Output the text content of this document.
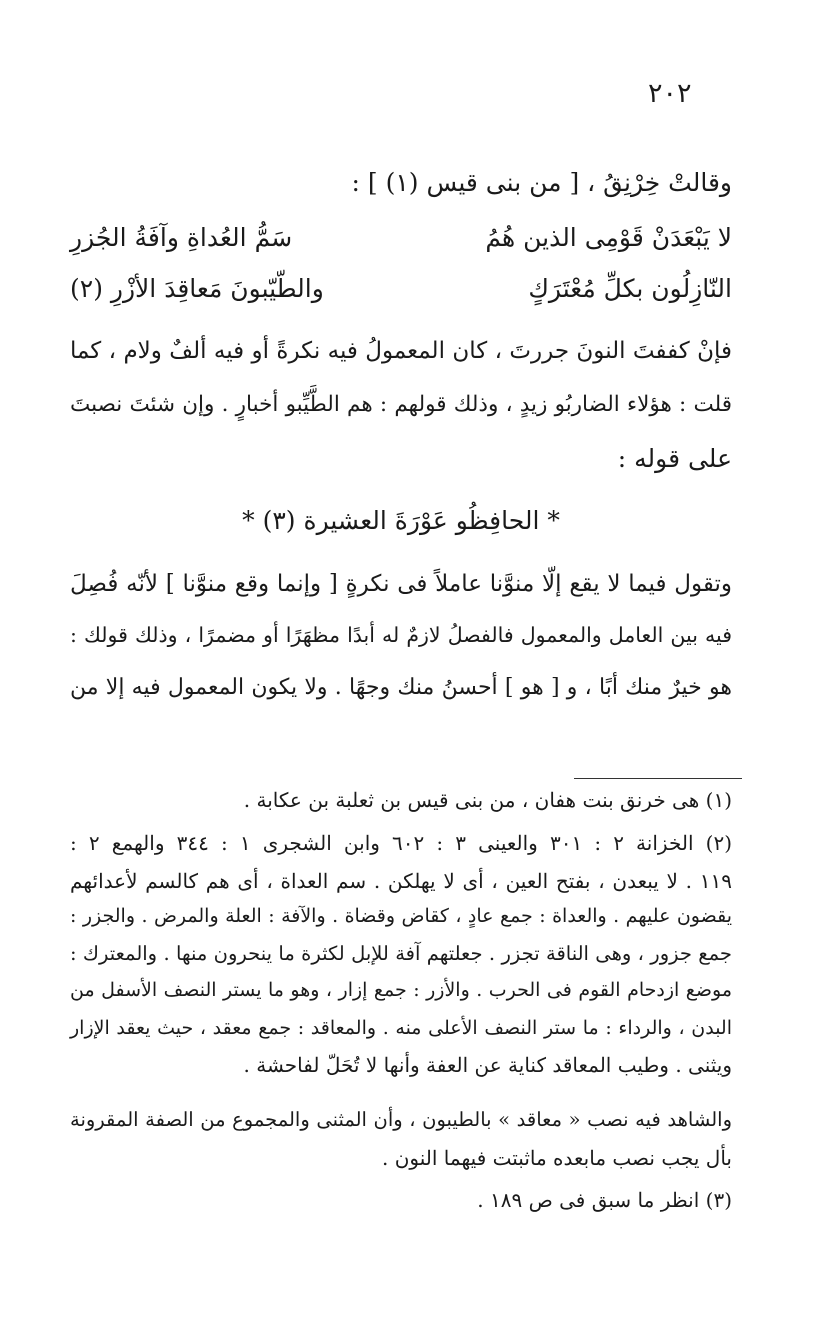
٢٠٢
وقالتْ خِرْنِقُ ، [ من بنى قيس (١) ] :
لا يَبْعَدَنْ قَوْمِى الذين هُمُ
سَمُّ العُداةِ وآفَةُ الجُزرِ
النّازِلُون بكلِّ مُعْتَرَكٍ
والطّيّبونَ مَعاقِدَ الأزْرِ (٢)
فإنْ كففتَ النونَ جررتَ ، كان المعمولُ فيه نكرةً أو فيه ألفٌ ولام ، كما
قلت : هؤلاء الضاربُو زيدٍ ، وذلك قولهم : هم الطَّيِّبو أخبارٍ . وإن شئتَ نصبتَ
على قوله :
* الحافِظُو عَوْرَةَ العشيرة (٣) *
وتقول فيما لا يقع إلّا منوَّنا عاملاً فى نكرةٍ [ وإنما وقع منوَّنا ] لأنّه فُصِلَ
فيه بين العامل والمعمول فالفصلُ لازمٌ له أبدًا مظهَرًا أو مضمرًا ، وذلك قولك :
هو خيرٌ منك أبًا ، و [ هو ] أحسنُ منك وجهًا . ولا يكون المعمول فيه إلا من
(١) هى خرنق بنت هفان ، من بنى قيس بن ثعلبة بن عكابة .
(٢) الخزانة ٢ : ٣٠١ والعينى ٣ : ٦٠٢ وابن الشجرى ١ : ٣٤٤ والهمع ٢ :
١١٩ . لا يبعدن ، بفتح العين ، أى لا يهلكن . سم العداة ، أى هم كالسم لأعدائهم
يقضون عليهم . والعداة : جمع عادٍ ، كقاض وقضاة . والآفة : العلة والمرض . والجزر :
جمع جزور ، وهى الناقة تجزر . جعلتهم آفة للإبل لكثرة ما ينحرون منها . والمعترك :
موضع ازدحام القوم فى الحرب . والأزر : جمع إزار ، وهو ما يستر النصف الأسفل من
البدن ، والرداء : ما ستر النصف الأعلى منه . والمعاقد : جمع معقد ، حيث يعقد الإزار
ويثنى . وطيب المعاقد كناية عن العفة وأنها لا تُحَلّ لفاحشة .
والشاهد فيه نصب « معاقد » بالطيبون ، وأن المثنى والمجموع من الصفة المقرونة
بأل يجب نصب مابعده ماثبتت فيهما النون .
(٣) انظر ما سبق فى ص ١٨٩ .
